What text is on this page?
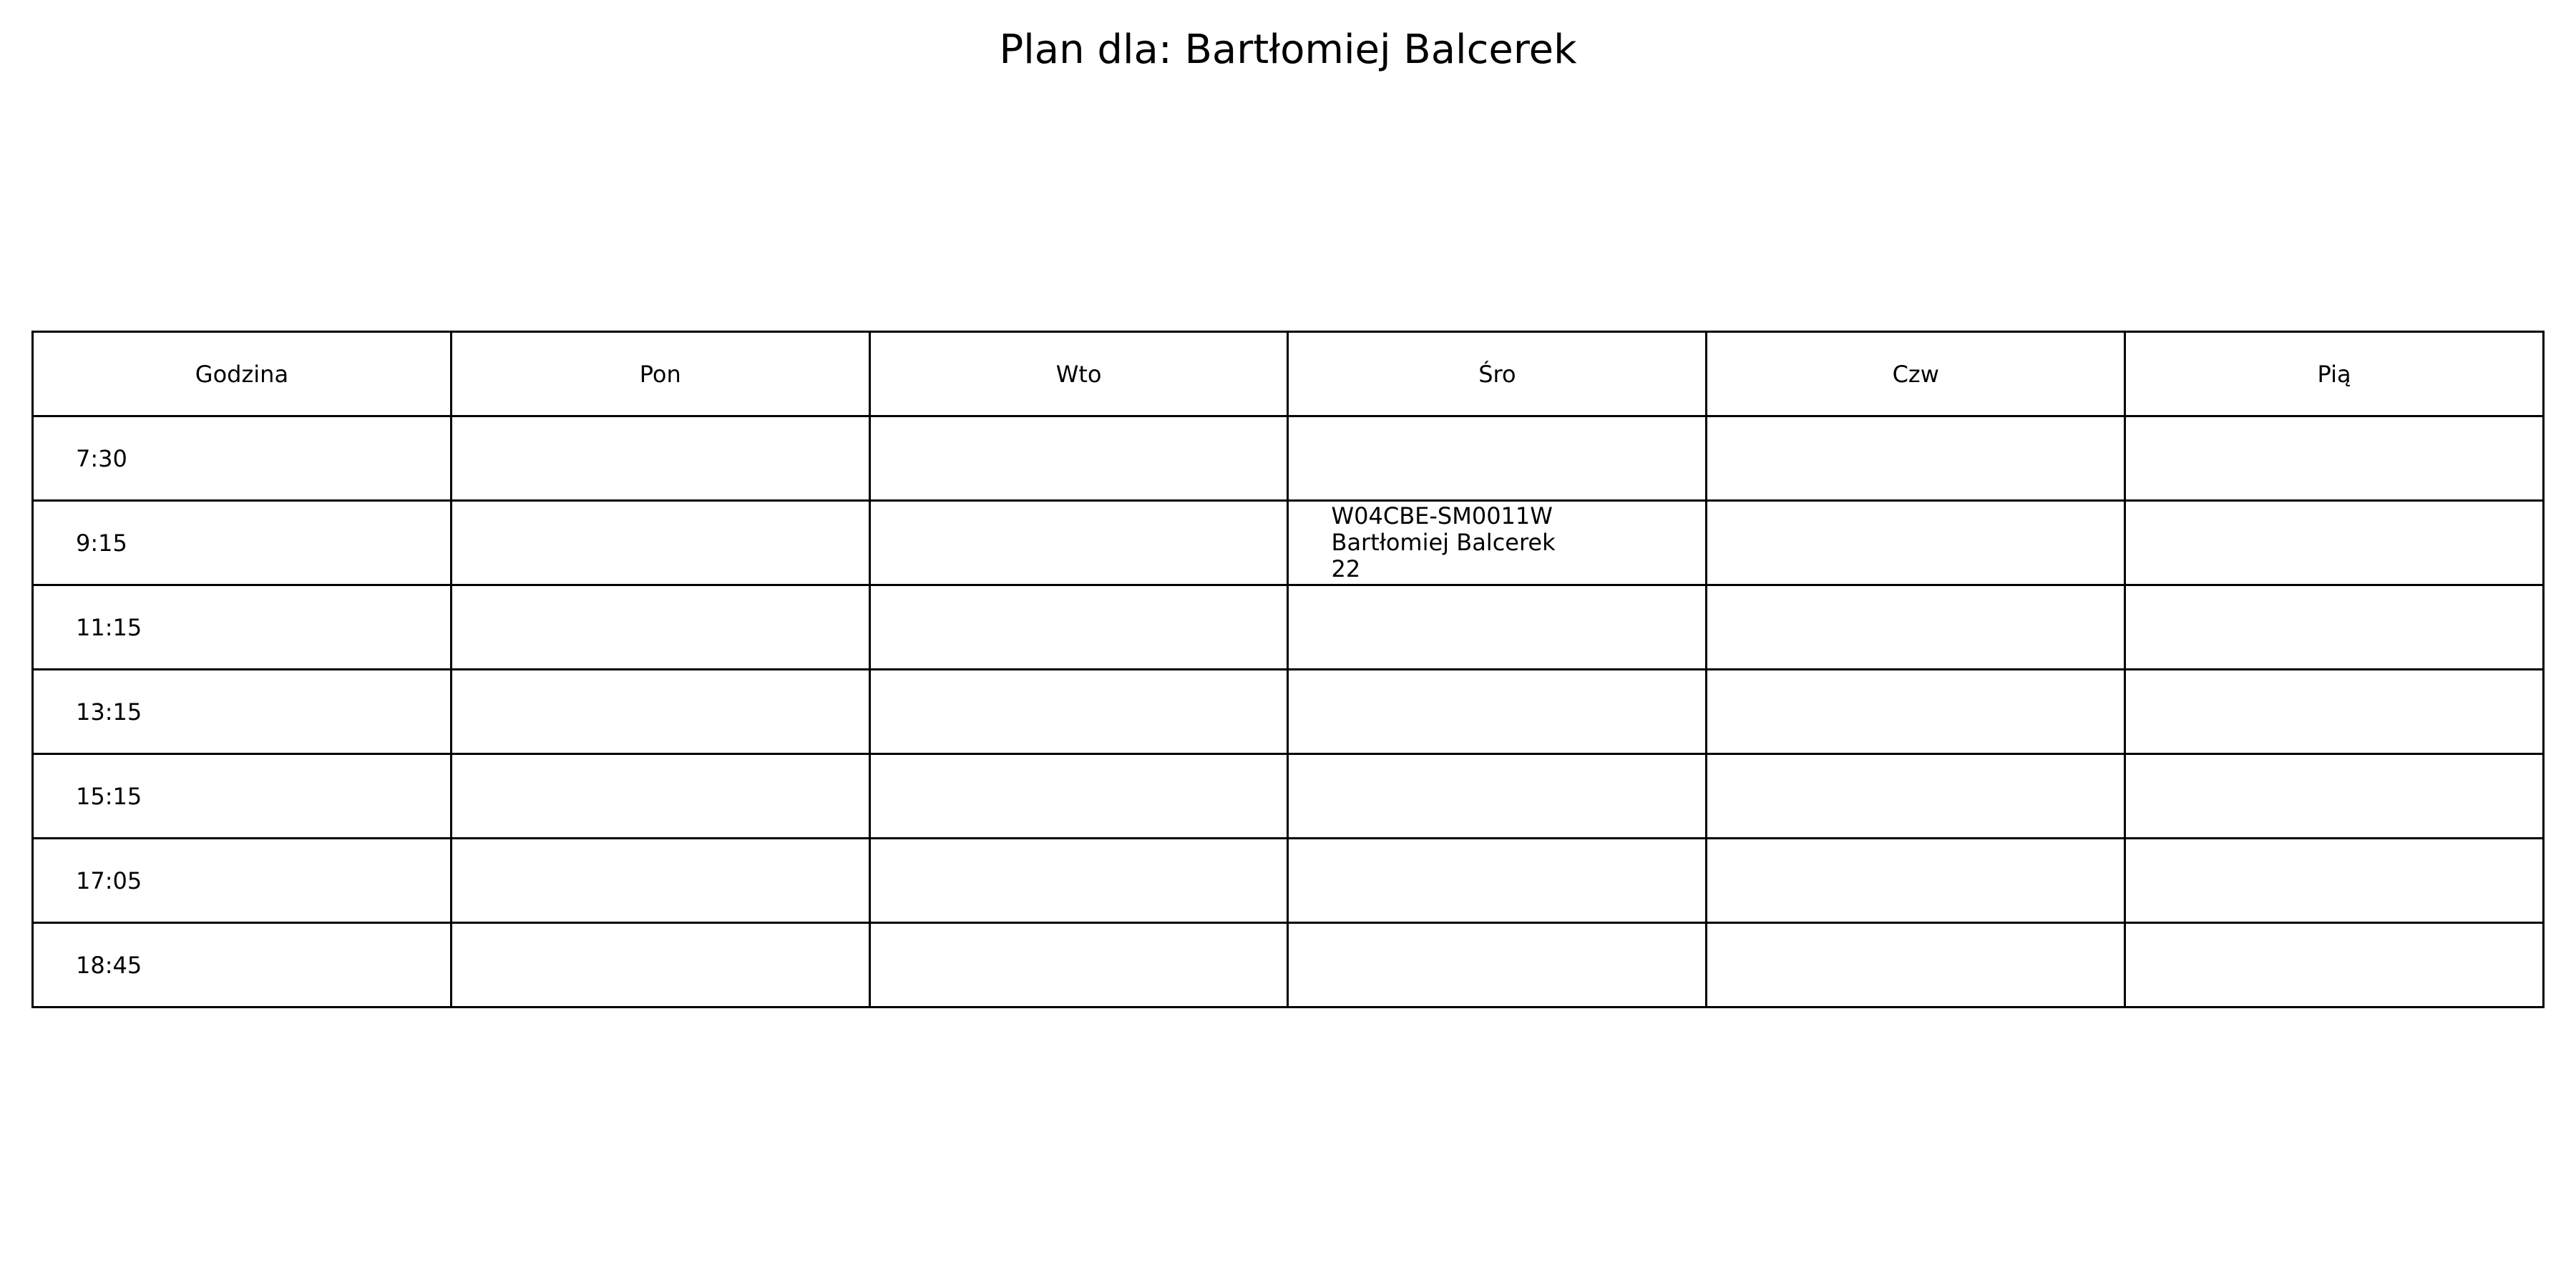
Plan dla: Bartłomiej Balcerek
Godzina	Pon	Wto	Śro	Czw	Pią
7:30					
9:15			W04CBE-SM0011W
Bartłomiej Balcerek
22		

11:15					
13:15					
15:15					
17:05					
18:45					
